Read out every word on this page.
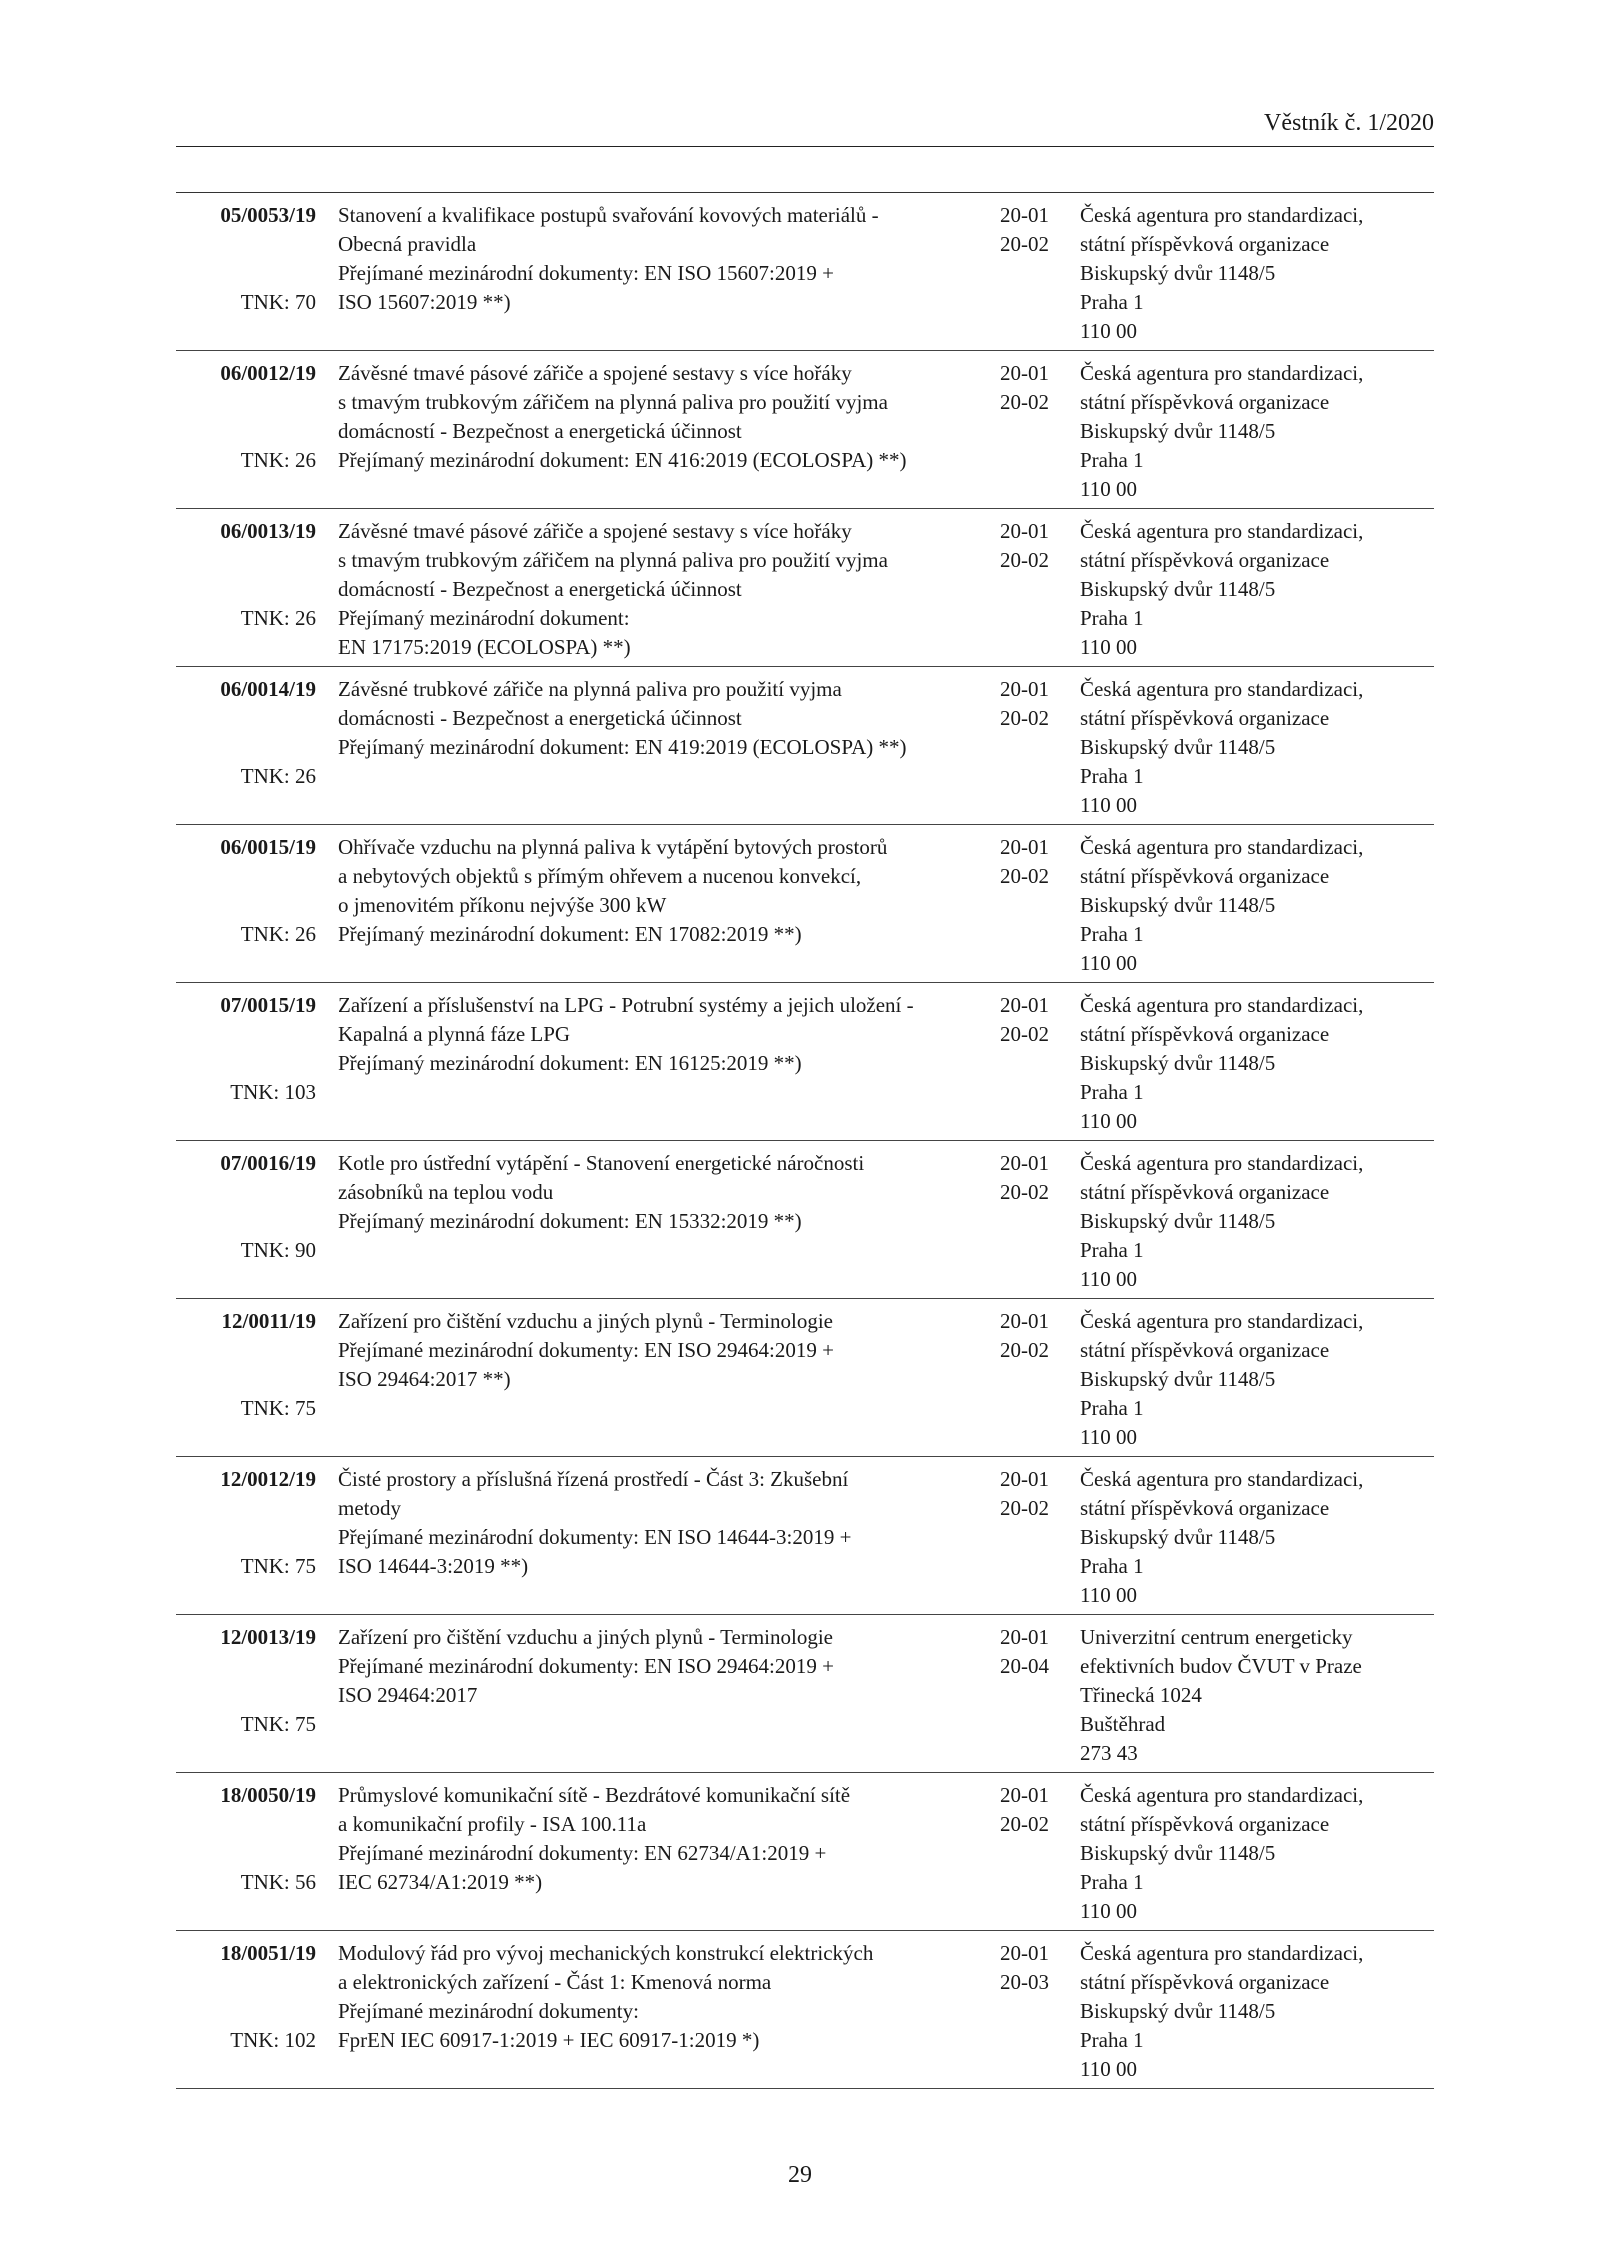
Věstník č. 1/2020
05/0053/19
TNK: 70
Stanovení a kvalifikace postupů svařování kovových materiálů -
Obecná pravidla
Přejímané mezinárodní dokumenty: EN ISO 15607:2019 +
ISO 15607:2019 **)
20-01
20-02
Česká agentura pro standardizaci,
státní příspěvková organizace
Biskupský dvůr 1148/5
Praha 1
110 00
06/0012/19
TNK: 26
Závěsné tmavé pásové zářiče a spojené sestavy s více hořáky
s tmavým trubkovým zářičem na plynná paliva pro použití vyjma
domácností - Bezpečnost a energetická účinnost
Přejímaný mezinárodní dokument: EN 416:2019 (ECOLOSPA) **)
20-01
20-02
Česká agentura pro standardizaci,
státní příspěvková organizace
Biskupský dvůr 1148/5
Praha 1
110 00
06/0013/19
TNK: 26
Závěsné tmavé pásové zářiče a spojené sestavy s více hořáky
s tmavým trubkovým zářičem na plynná paliva pro použití vyjma
domácností - Bezpečnost a energetická účinnost
Přejímaný mezinárodní dokument:
EN 17175:2019 (ECOLOSPA) **)
20-01
20-02
Česká agentura pro standardizaci,
státní příspěvková organizace
Biskupský dvůr 1148/5
Praha 1
110 00
06/0014/19
TNK: 26
Závěsné trubkové zářiče na plynná paliva pro použití vyjma
domácnosti - Bezpečnost a energetická účinnost
Přejímaný mezinárodní dokument: EN 419:2019 (ECOLOSPA) **)
20-01
20-02
Česká agentura pro standardizaci,
státní příspěvková organizace
Biskupský dvůr 1148/5
Praha 1
110 00
06/0015/19
TNK: 26
Ohřívače vzduchu na plynná paliva k vytápění bytových prostorů
a nebytových objektů s přímým ohřevem a nucenou konvekcí,
o jmenovitém příkonu nejvýše 300 kW
Přejímaný mezinárodní dokument: EN 17082:2019 **)
20-01
20-02
Česká agentura pro standardizaci,
státní příspěvková organizace
Biskupský dvůr 1148/5
Praha 1
110 00
07/0015/19
TNK: 103
Zařízení a příslušenství na LPG - Potrubní systémy a jejich uložení -
Kapalná a plynná fáze LPG
Přejímaný mezinárodní dokument: EN 16125:2019 **)
20-01
20-02
Česká agentura pro standardizaci,
státní příspěvková organizace
Biskupský dvůr 1148/5
Praha 1
110 00
07/0016/19
TNK: 90
Kotle pro ústřední vytápění - Stanovení energetické náročnosti
zásobníků na teplou vodu
Přejímaný mezinárodní dokument: EN 15332:2019 **)
20-01
20-02
Česká agentura pro standardizaci,
státní příspěvková organizace
Biskupský dvůr 1148/5
Praha 1
110 00
12/0011/19
TNK: 75
Zařízení pro čištění vzduchu a jiných plynů - Terminologie
Přejímané mezinárodní dokumenty: EN ISO 29464:2019 +
ISO 29464:2017 **)
20-01
20-02
Česká agentura pro standardizaci,
státní příspěvková organizace
Biskupský dvůr 1148/5
Praha 1
110 00
12/0012/19
TNK: 75
Čisté prostory a příslušná řízená prostředí - Část 3: Zkušební
metody
Přejímané mezinárodní dokumenty: EN ISO 14644-3:2019 +
ISO 14644-3:2019 **)
20-01
20-02
Česká agentura pro standardizaci,
státní příspěvková organizace
Biskupský dvůr 1148/5
Praha 1
110 00
12/0013/19
TNK: 75
Zařízení pro čištění vzduchu a jiných plynů - Terminologie
Přejímané mezinárodní dokumenty: EN ISO 29464:2019 +
ISO 29464:2017
20-01
20-04
Univerzitní centrum energeticky
efektivních budov ČVUT v Praze
Třinecká 1024
Buštěhrad
273 43
18/0050/19
TNK: 56
Průmyslové komunikační sítě - Bezdrátové komunikační sítě
a komunikační profily - ISA 100.11a
Přejímané mezinárodní dokumenty: EN 62734/A1:2019 +
IEC 62734/A1:2019 **)
20-01
20-02
Česká agentura pro standardizaci,
státní příspěvková organizace
Biskupský dvůr 1148/5
Praha 1
110 00
18/0051/19
TNK: 102
Modulový řád pro vývoj mechanických konstrukcí elektrických
a elektronických zařízení - Část 1: Kmenová norma
Přejímané mezinárodní dokumenty:
FprEN IEC 60917-1:2019 + IEC 60917-1:2019 *)
20-01
20-03
Česká agentura pro standardizaci,
státní příspěvková organizace
Biskupský dvůr 1148/5
Praha 1
110 00
29
